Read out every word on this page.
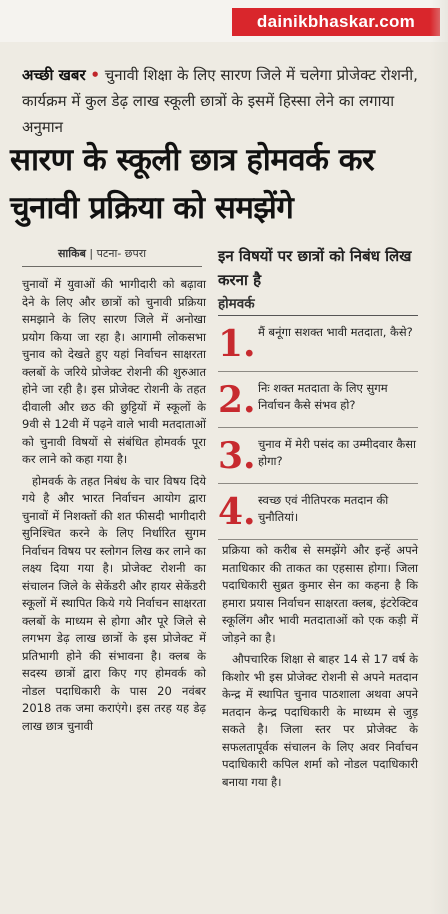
dainikbhaskar.com
अच्छी खबर • चुनावी शिक्षा के लिए सारण जिले में चलेगा प्रोजेक्ट रोशनी, कार्यक्रम में कुल डेढ़ लाख स्कूली छात्रों के इसमें हिस्सा लेने का लगाया अनुमान
सारण के स्कूली छात्र होमवर्क कर चुनावी प्रक्रिया को समझेंगे
साकिब | पटना- छपरा

चुनावों में युवाओं की भागीदारी को बढ़ावा देने के लिए और छात्रों को चुनावी प्रक्रिया समझाने के लिए सारण जिले में अनोखा प्रयोग किया जा रहा है। आगामी लोकसभा चुनाव को देखते हुए यहां निर्वाचन साक्षरता क्लबों के जरिये प्रोजेक्ट रोशनी की शुरुआत होने जा रही है। इस प्रोजेक्ट रोशनी के तहत दीवाली और छठ की छुट्टियों में स्कूलों के 9वी से 12वी में पढ़ने वाले भावी मतदाताओं को चुनावी विषयों से संबंधित होमवर्क पूरा कर लाने को कहा गया है।

होमवर्क के तहत निबंध के चार विषय दिये गये है और भारत निर्वाचन आयोग द्वारा चुनावों में निशक्तों की शत फीसदी भागीदारी सुनिश्चित करने के लिए निर्धारित सुगम निर्वाचन विषय पर स्लोगन लिख कर लाने का लक्ष्य दिया गया है। प्रोजेक्ट रोशनी का संचालन जिले के सेकेंडरी और हायर सेकेंडरी स्कूलों में स्थापित किये गये निर्वाचन साक्षरता क्लबों के माध्यम से होगा और पूरे जिले से लगभग डेढ़ लाख छात्रों के इस प्रोजेक्ट में प्रतिभागी होने की संभावना है। क्लब के सदस्य छात्रों द्वारा किए गए होमवर्क को नोडल पदाधिकारी के पास 20 नवंबर 2018 तक जमा कराएंगे। इस तरह यह डेढ़ लाख छात्र चुनावी

इन विषयों पर छात्रों को निबंध लिख करना है
होमवर्क
1. मैं बनूंगा सशक्त भावी मतदाता, कैसे?
2. निः शक्त मतदाता के लिए सुगम निर्वाचन कैसे संभव हो?
3. चुनाव में मेरी पसंद का उम्मीदवार कैसा होगा?
4. स्वच्छ एवं नीतिपरक मतदान की चुनौतियां।

प्रक्रिया को करीब से समझेंगे और इन्हें अपने मताधिकार की ताकत का एहसास होगा। जिला पदाधिकारी सुब्रत कुमार सेन का कहना है कि हमारा प्रयास निर्वाचन साक्षरता क्लब, इंटरेक्टिव स्कूलिंग और भावी मतदाताओं को एक कड़ी में जोड़ने का है।

औपचारिक शिक्षा से बाहर 14 से 17 वर्ष के किशोर भी इस प्रोजेक्ट रोशनी से अपने मतदान केन्द्र में स्थापित चुनाव पाठशाला अथवा अपने मतदान केन्द्र पदाधिकारी के माध्यम से जुड़ सकते है। जिला स्तर पर प्रोजेक्ट के सफलतापूर्वक संचालन के लिए अवर निर्वाचन पदाधिकारी कपिल शर्मा को नोडल पदाधिकारी बनाया गया है।
